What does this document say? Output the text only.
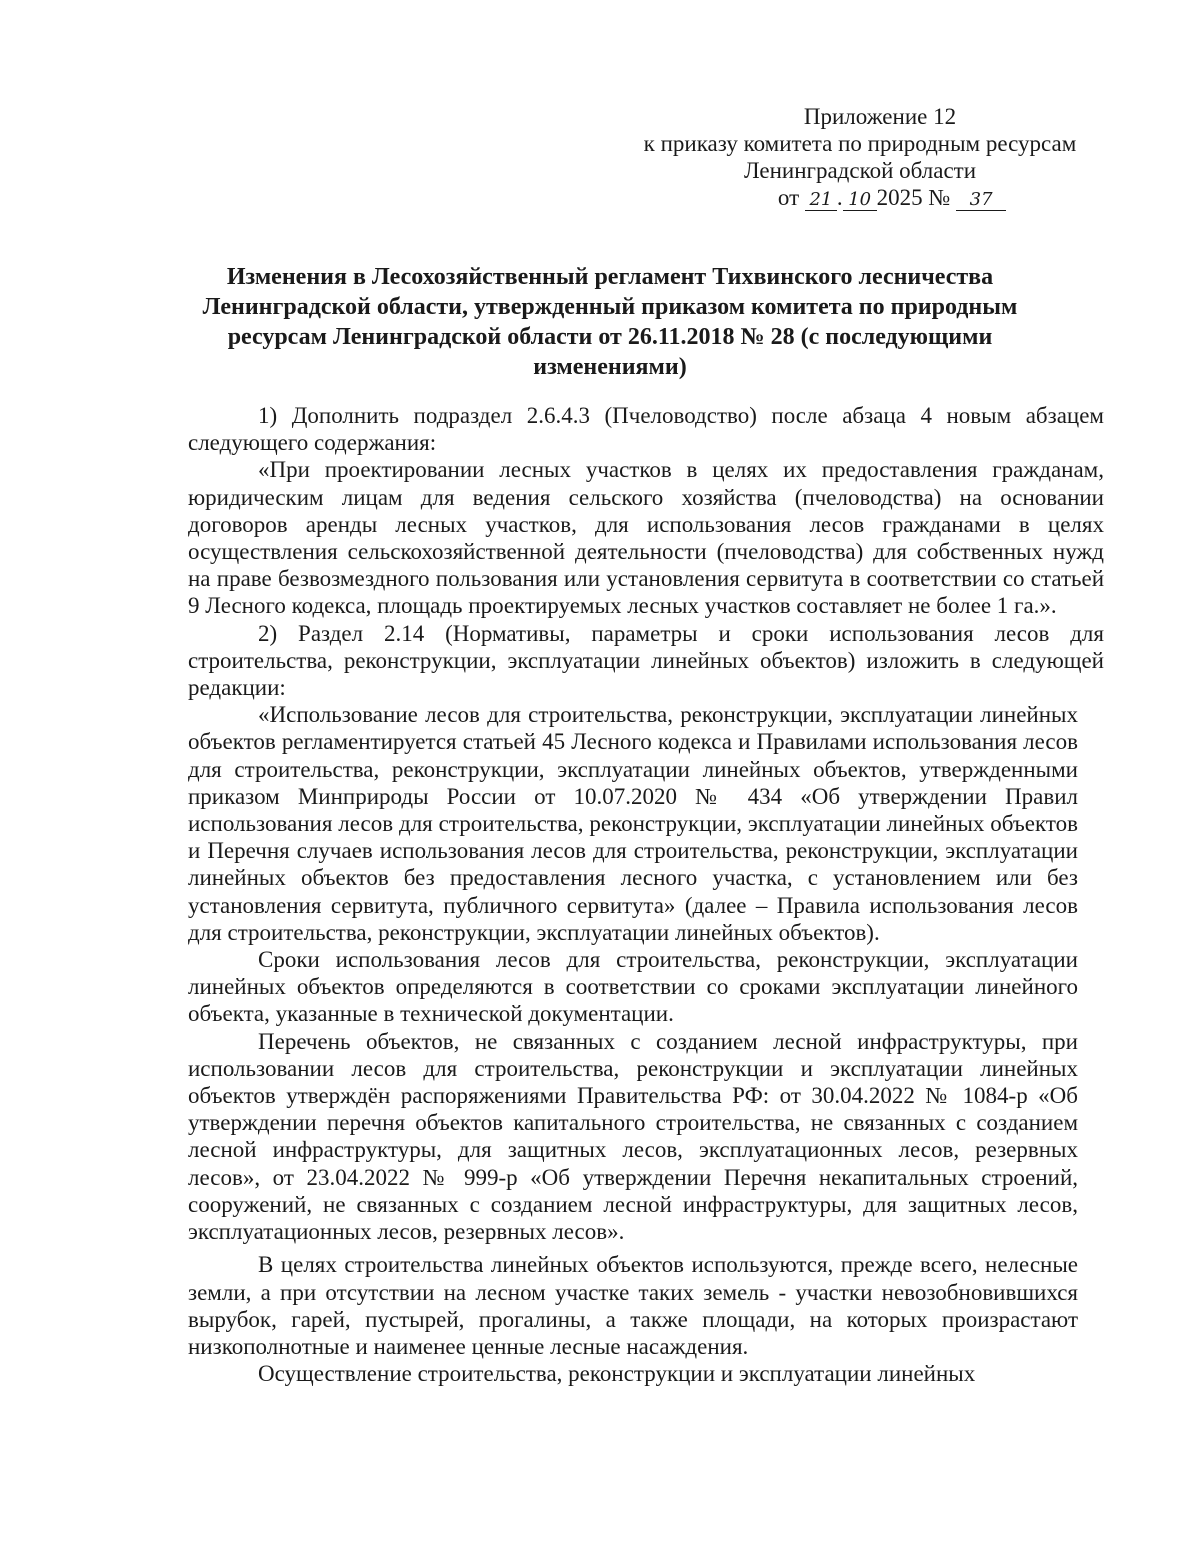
Приложение 12
к приказу комитета по природным ресурсам
Ленинградской области
от 21 . 10 2025 № 37
Изменения в Лесохозяйственный регламент Тихвинского лесничества Ленинградской области, утвержденный приказом комитета по природным ресурсам Ленинградской области от 26.11.2018 № 28 (с последующими изменениями)

1) Дополнить подраздел 2.6.4.3 (Пчеловодство) после абзаца 4 новым абзацем следующего содержания:

«При проектировании лесных участков в целях их предоставления гражданам, юридическим лицам для ведения сельского хозяйства (пчеловодства) на основании договоров аренды лесных участков, для использования лесов гражданами в целях осуществления сельскохозяйственной деятельности (пчеловодства) для собственных нужд на праве безвозмездного пользования или установления сервитута в соответствии со статьей 9 Лесного кодекса, площадь проектируемых лесных участков составляет не более 1 га.».

2) Раздел 2.14 (Нормативы, параметры и сроки использования лесов для строительства, реконструкции, эксплуатации линейных объектов) изложить в следующей редакции:

«Использование лесов для строительства, реконструкции, эксплуатации линейных объектов регламентируется статьей 45 Лесного кодекса и Правилами использования лесов для строительства, реконструкции, эксплуатации линейных объектов, утвержденными приказом Минприроды России от 10.07.2020 № 434 «Об утверждении Правил использования лесов для строительства, реконструкции, эксплуатации линейных объектов и Перечня случаев использования лесов для строительства, реконструкции, эксплуатации линейных объектов без предоставления лесного участка, с установлением или без установления сервитута, публичного сервитута» (далее – Правила использования лесов для строительства, реконструкции, эксплуатации линейных объектов).

Сроки использования лесов для строительства, реконструкции, эксплуатации линейных объектов определяются в соответствии со сроками эксплуатации линейного объекта, указанные в технической документации.

Перечень объектов, не связанных с созданием лесной инфраструктуры, при использовании лесов для строительства, реконструкции и эксплуатации линейных объектов утверждён распоряжениями Правительства РФ: от 30.04.2022 № 1084-р «Об утверждении перечня объектов капитального строительства, не связанных с созданием лесной инфраструктуры, для защитных лесов, эксплуатационных лесов, резервных лесов», от 23.04.2022 № 999-р «Об утверждении Перечня некапитальных строений, сооружений, не связанных с созданием лесной инфраструктуры, для защитных лесов, эксплуатационных лесов, резервных лесов».

В целях строительства линейных объектов используются, прежде всего, нелесные земли, а при отсутствии на лесном участке таких земель - участки невозобновившихся вырубок, гарей, пустырей, прогалины, а также площади, на которых произрастают низкополнотные и наименее ценные лесные насаждения.

Осуществление строительства, реконструкции и эксплуатации линейных
